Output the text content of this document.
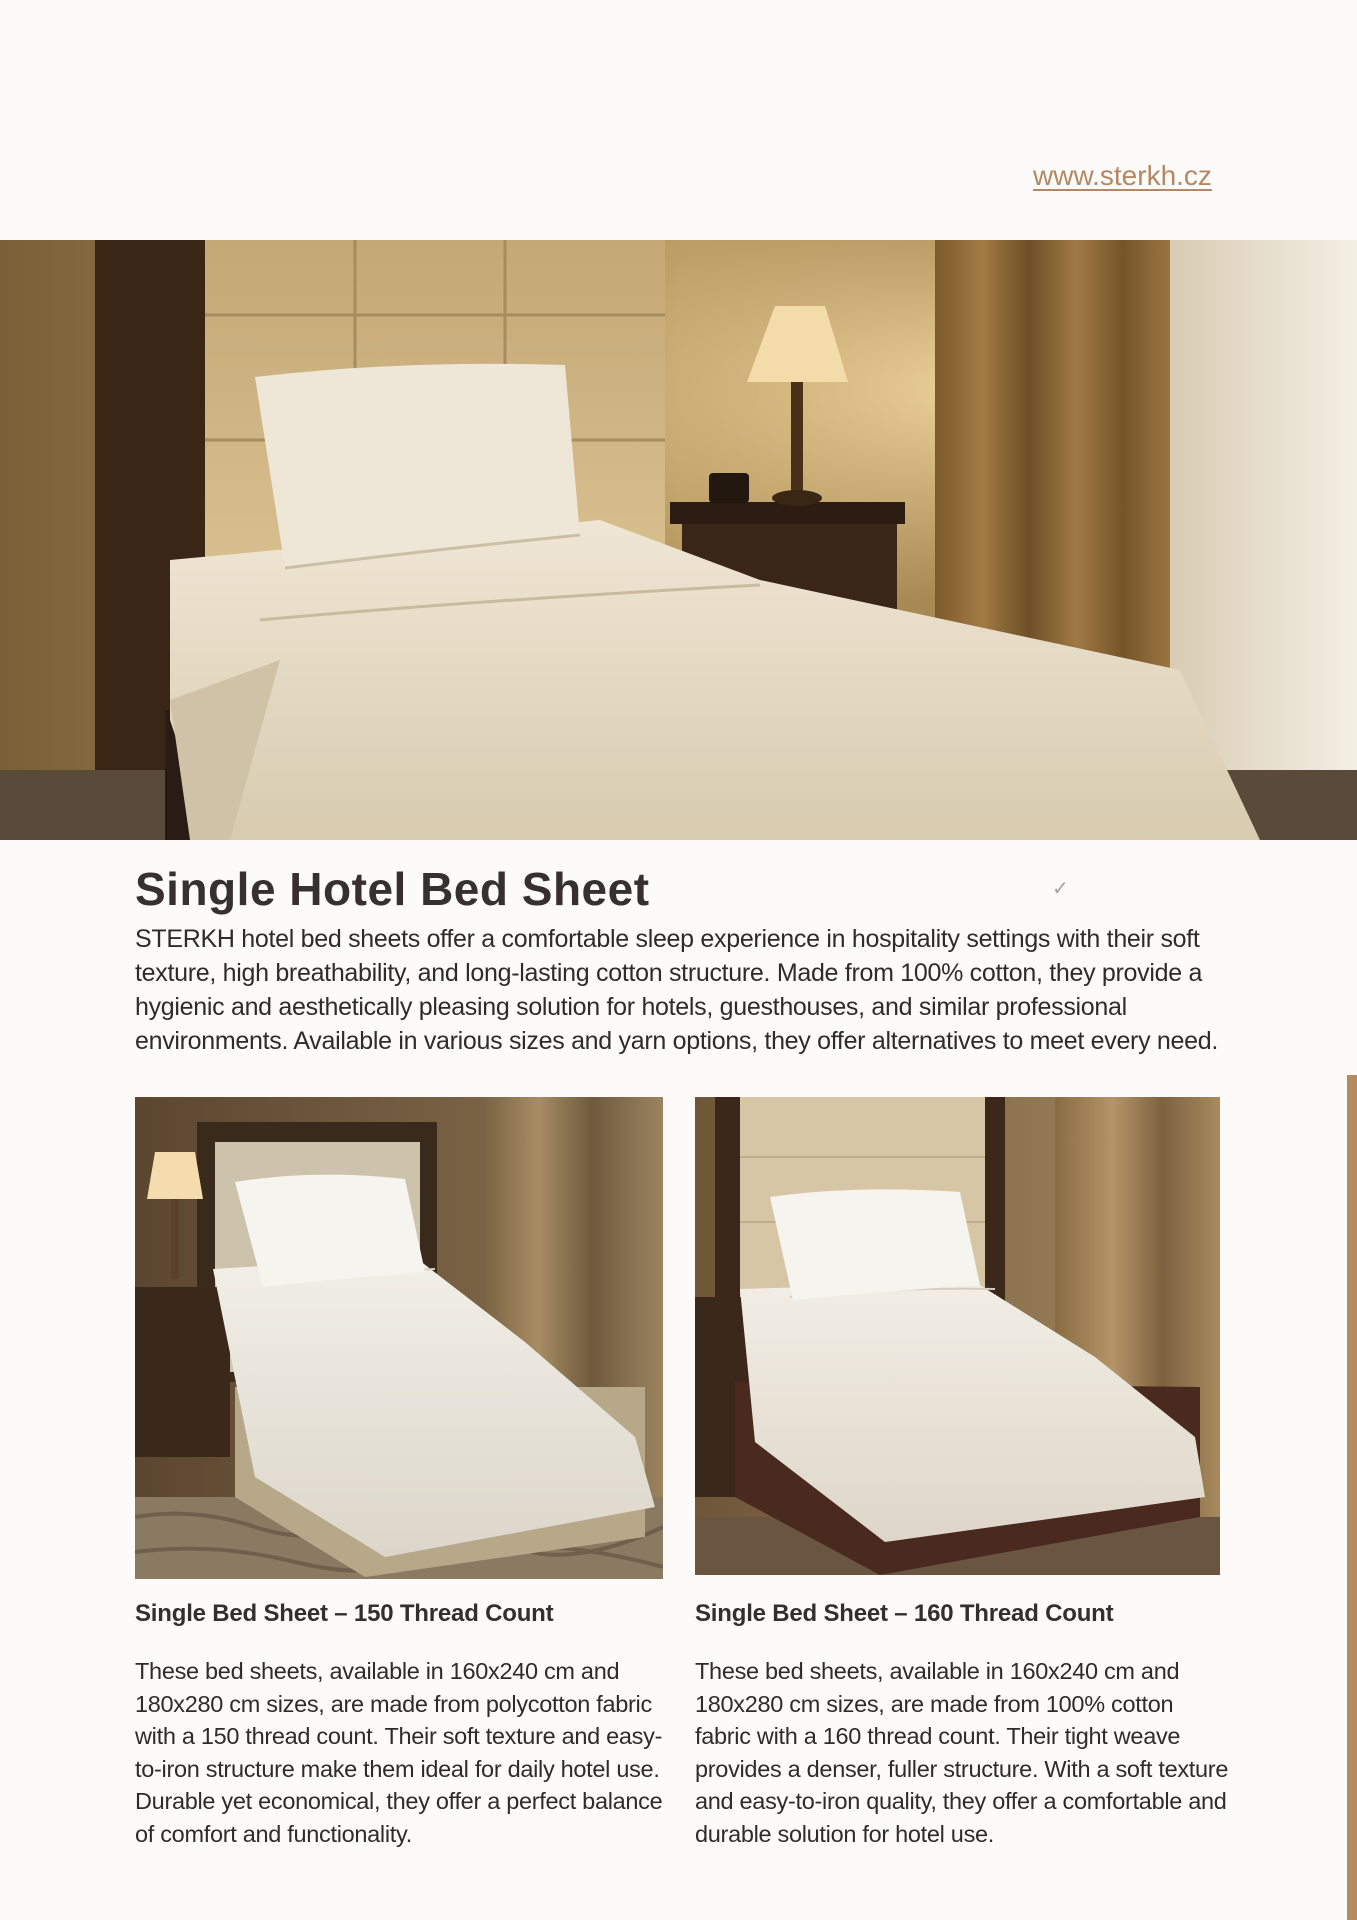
www.sterkh.cz
Single Hotel Bed Sheet	✓

STERKH hotel bed sheets offer a comfortable sleep experience in hospitality settings with their soft texture, high breathability, and long-lasting cotton structure. Made from 100% cotton, they provide a hygienic and aesthetically pleasing solution for hotels, guesthouses, and similar professional environments. Available in various sizes and yarn options, they offer alternatives to meet every need.

Single Bed Sheet – 150 Thread Count	Single Bed Sheet – 160 Thread Count

These bed sheets, available in 160x240 cm and 180x280 cm sizes, are made from polycotton fabric with a 150 thread count. Their soft texture and easy-to-iron structure make them ideal for daily hotel use. Durable yet economical, they offer a perfect balance of comfort and functionality.

These bed sheets, available in 160x240 cm and 180x280 cm sizes, are made from 100% cotton fabric with a 160 thread count. Their tight weave provides a denser, fuller structure. With a soft texture and easy-to-iron quality, they offer a comfortable and durable solution for hotel use.
